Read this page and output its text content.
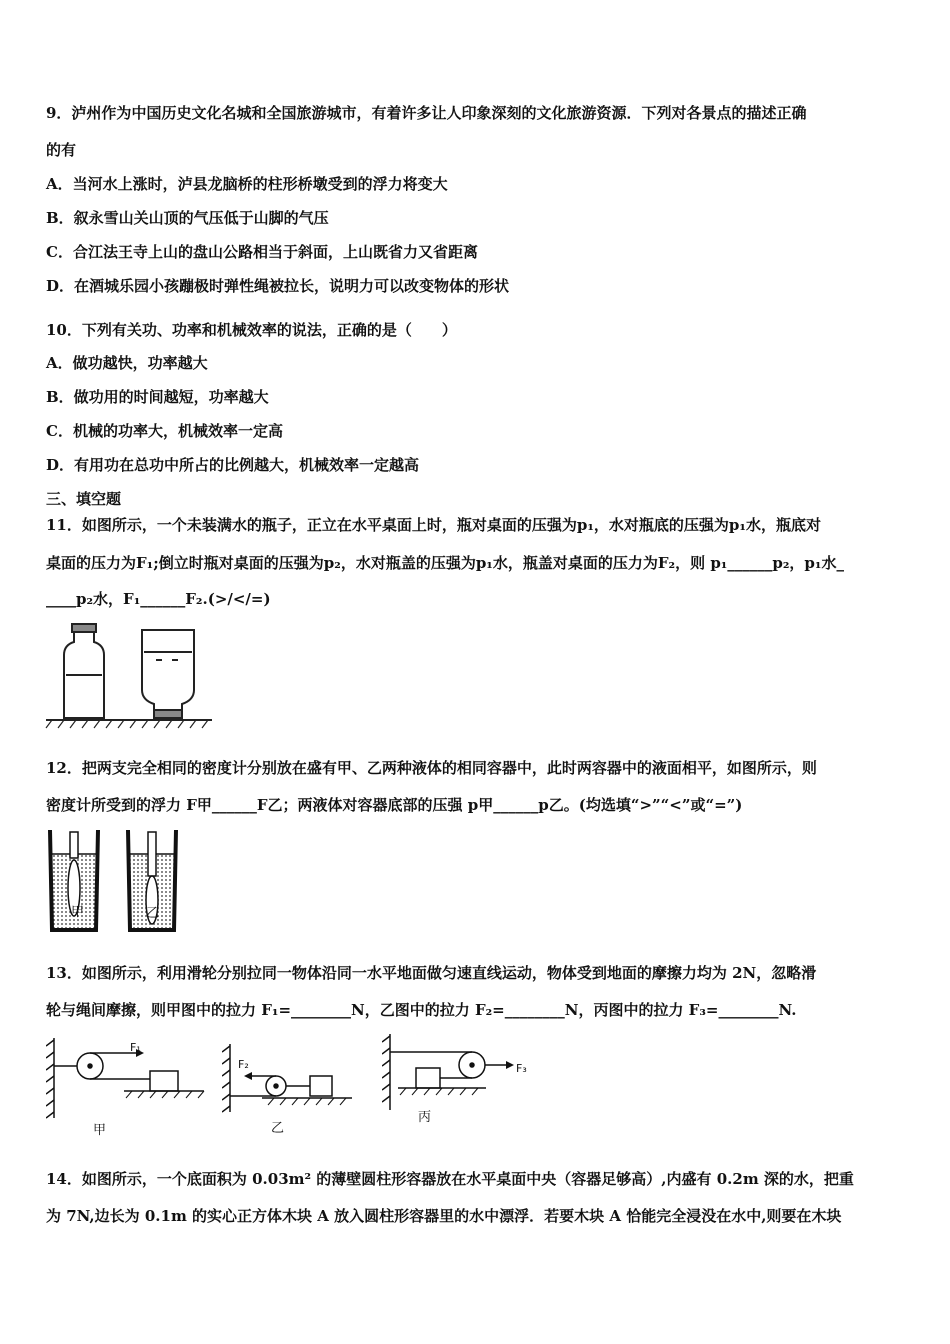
9．泸州作为中国历史文化名城和全国旅游城市，有着许多让人印象深刻的文化旅游资源．下列对各景点的描述正确
的有
A．当河水上涨时，泸县龙脑桥的柱形桥墩受到的浮力将变大
B．叙永雪山关山顶的气压低于山脚的气压
C．合江法王寺上山的盘山公路相当于斜面，上山既省力又省距离
D．在酒城乐园小孩蹦极时弹性绳被拉长，说明力可以改变物体的形状
10．下列有关功、功率和机械效率的说法，正确的是（　　）
A．做功越快，功率越大
B．做功用的时间越短，功率越大
C．机械的功率大，机械效率一定高
D．有用功在总功中所占的比例越大，机械效率一定越高
三、填空题
11．如图所示，一个未装满水的瓶子，正立在水平桌面上时，瓶对桌面的压强为p₁，水对瓶底的压强为p₁水，瓶底对
桌面的压力为F₁;倒立时瓶对桌面的压强为p₂，水对瓶盖的压强为p₁水，瓶盖对桌面的压力为F₂，则 p₁______p₂，p₁水_
____p₂水，F₁______F₂.(>/</=)
12．把两支完全相同的密度计分别放在盛有甲、乙两种液体的相同容器中，此时两容器中的液面相平，如图所示，则
密度计所受到的浮力 F甲______F乙；两液体对容器底部的压强 p甲______p乙。(均选填“>”“<”或“=”)
甲	乙
13．如图所示，利用滑轮分别拉同一物体沿同一水平地面做匀速直线运动，物体受到地面的摩擦力均为 2N，忽略滑
轮与绳间摩擦，则甲图中的拉力 F₁=________N，乙图中的拉力 F₂=________N，丙图中的拉力 F₃=________N.
F₁
甲
F₂
乙
F₃
丙
14．如图所示，一个底面积为 0.03m² 的薄壁圆柱形容器放在水平桌面中央（容器足够高）,内盛有 0.2m 深的水，把重
为 7N,边长为 0.1m 的实心正方体木块 A 放入圆柱形容器里的水中漂浮．若要木块 A 恰能完全浸没在水中,则要在木块
